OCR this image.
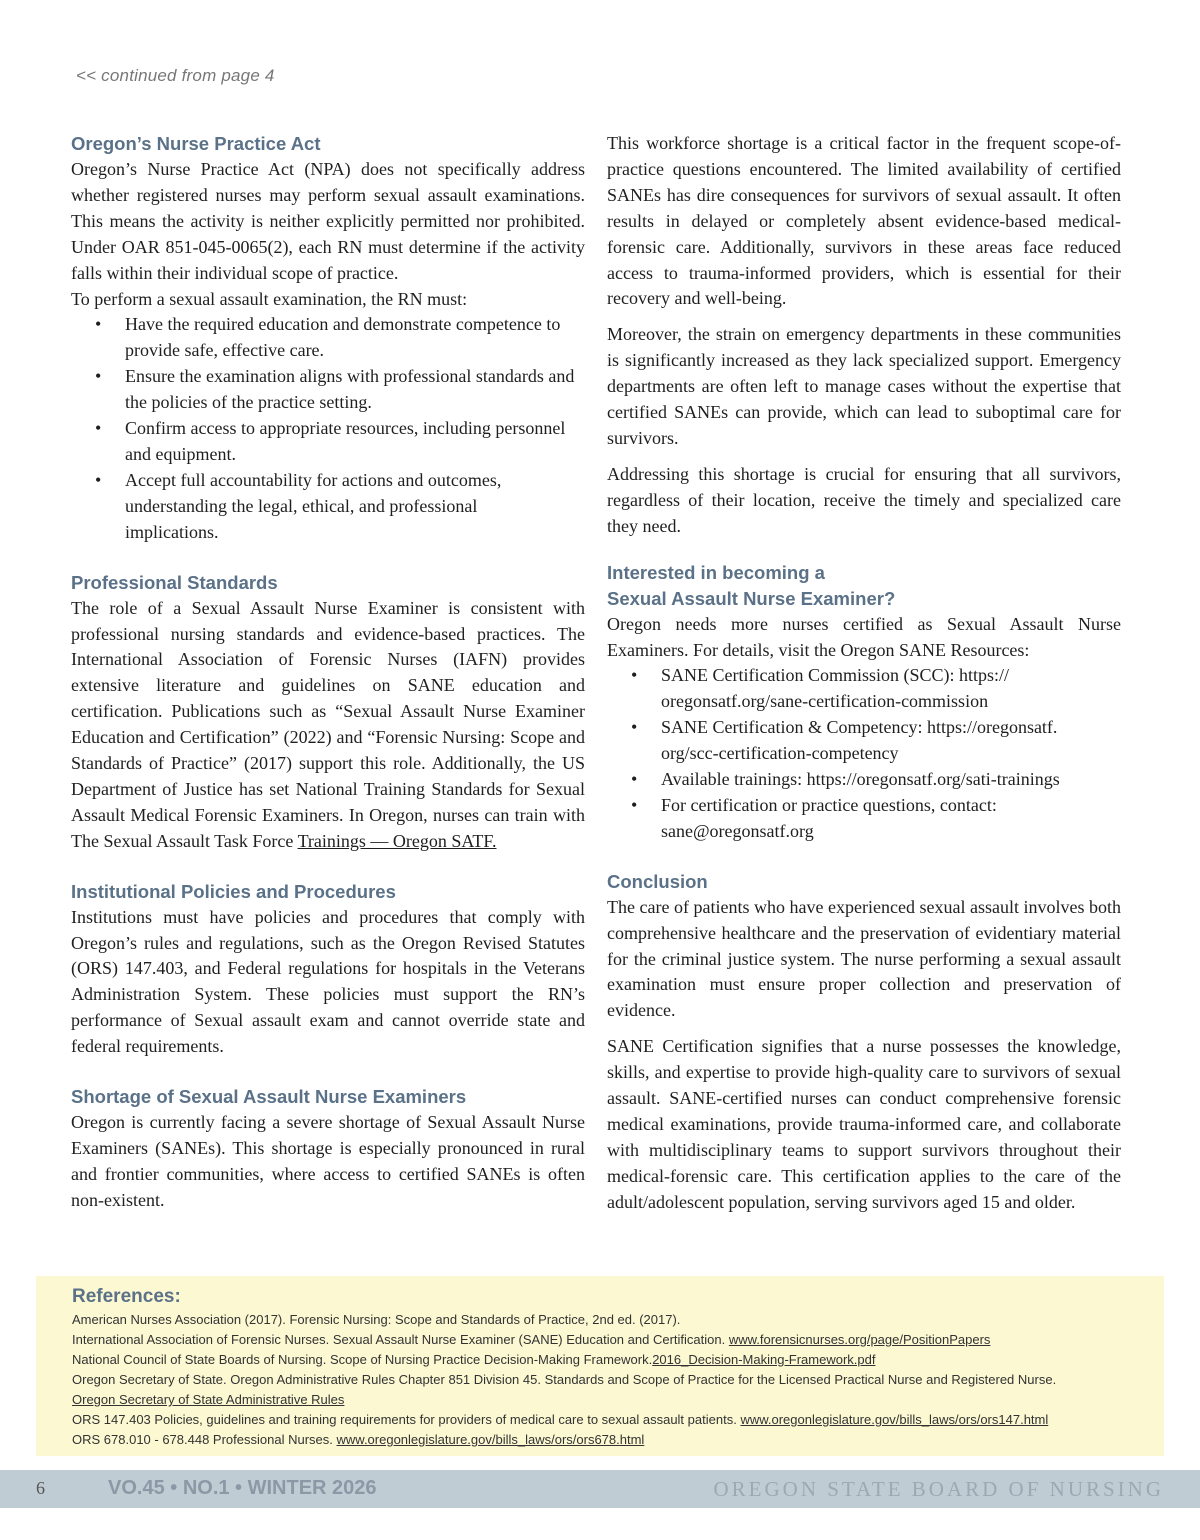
<< continued from page 4
Oregon’s Nurse Practice Act

Oregon’s Nurse Practice Act (NPA) does not specifically address whether registered nurses may perform sexual assault examinations. This means the activity is neither explicitly permitted nor prohibited. Under OAR 851-045-0065(2), each RN must determine if the activity falls within their individual scope of practice.

To perform a sexual assault examination, the RN must:

• Have the required education and demonstrate competence to provide safe, effective care.
• Ensure the examination aligns with professional standards and the policies of the practice setting.
• Confirm access to appropriate resources, including personnel and equipment.
• Accept full accountability for actions and outcomes, understanding the legal, ethical, and professional implications.
Professional Standards

The role of a Sexual Assault Nurse Examiner is consistent with professional nursing standards and evidence-based practices. The International Association of Forensic Nurses (IAFN) provides extensive literature and guidelines on SANE education and certification. Publications such as “Sexual Assault Nurse Examiner Education and Certification” (2022) and “Forensic Nursing: Scope and Standards of Practice” (2017) support this role. Additionally, the US Department of Justice has set National Training Standards for Sexual Assault Medical Forensic Examiners. In Oregon, nurses can train with The Sexual Assault Task Force Trainings — Oregon SATF.

Institutional Policies and Procedures

Institutions must have policies and procedures that comply with Oregon’s rules and regulations, such as the Oregon Revised Statutes (ORS) 147.403, and Federal regulations for hospitals in the Veterans Administration System. These policies must support the RN’s performance of Sexual assault exam and cannot override state and federal requirements.

Shortage of Sexual Assault Nurse Examiners

Oregon is currently facing a severe shortage of Sexual Assault Nurse Examiners (SANEs). This shortage is especially pronounced in rural and frontier communities, where access to certified SANEs is often non-existent.

This workforce shortage is a critical factor in the frequent scope-of-practice questions encountered. The limited availability of certified SANEs has dire consequences for survivors of sexual assault. It often results in delayed or completely absent evidence-based medical-forensic care. Additionally, survivors in these areas face reduced access to trauma-informed providers, which is essential for their recovery and well-being.

Moreover, the strain on emergency departments in these communities is significantly increased as they lack specialized support. Emergency departments are often left to manage cases without the expertise that certified SANEs can provide, which can lead to suboptimal care for survivors.

Addressing this shortage is crucial for ensuring that all survivors, regardless of their location, receive the timely and specialized care they need.

Interested in becoming a
Sexual Assault Nurse Examiner?

Oregon needs more nurses certified as Sexual Assault Nurse Examiners. For details, visit the Oregon SANE Resources:

• SANE Certification Commission (SCC): https://
oregonsatf.org/sane-certification-commission
• SANE Certification & Competency: https://oregonsatf.
org/scc-certification-competency
• Available trainings: https://oregonsatf.org/sati-trainings
• For certification or practice questions, contact:
sane@oregonsatf.org
Conclusion

The care of patients who have experienced sexual assault involves both comprehensive healthcare and the preservation of evidentiary material for the criminal justice system. The nurse performing a sexual assault examination must ensure proper collection and preservation of evidence.

SANE Certification signifies that a nurse possesses the knowledge, skills, and expertise to provide high-quality care to survivors of sexual assault. SANE-certified nurses can conduct comprehensive forensic medical examinations, provide trauma-informed care, and collaborate with multidisciplinary teams to support survivors throughout their medical-forensic care. This certification applies to the care of the adult/adolescent population, serving survivors aged 15 and older.

References:
American Nurses Association (2017). Forensic Nursing: Scope and Standards of Practice, 2nd ed. (2017).
International Association of Forensic Nurses. Sexual Assault Nurse Examiner (SANE) Education and Certification. www.forensicnurses.org/page/PositionPapers
National Council of State Boards of Nursing. Scope of Nursing Practice Decision-Making Framework.2016_Decision-Making-Framework.pdf
Oregon Secretary of State. Oregon Administrative Rules Chapter 851 Division 45. Standards and Scope of Practice for the Licensed Practical Nurse and Registered Nurse.
Oregon Secretary of State Administrative Rules
ORS 147.403 Policies, guidelines and training requirements for providers of medical care to sexual assault patients. www.oregonlegislature.gov/bills_laws/ors/ors147.html
ORS 678.010 - 678.448 Professional Nurses. www.oregonlegislature.gov/bills_laws/ors/ors678.html
6	VO.45 • NO.1 • WINTER 2026	OREGON STATE BOARD OF NURSING
